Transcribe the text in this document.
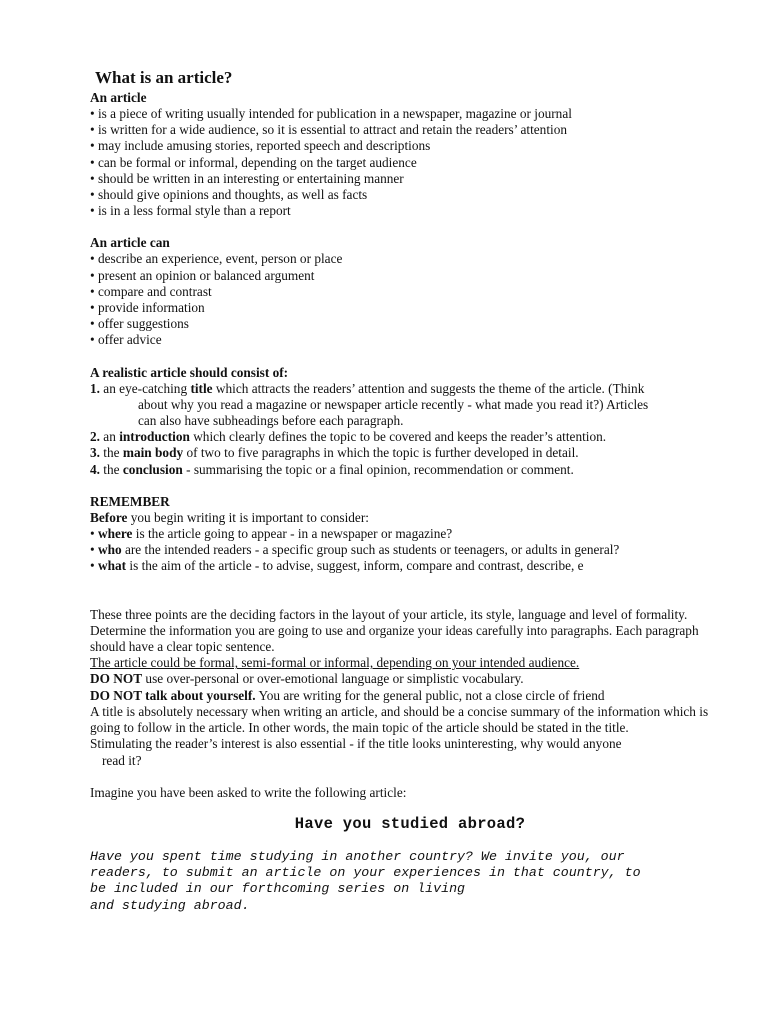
What is an article?
An article
• is a piece of writing usually intended for publication in a newspaper, magazine or journal
• is written for a wide audience, so it is essential to attract and retain the readers’ attention
• may include amusing stories, reported speech and descriptions
• can be formal or informal, depending on the target audience
• should be written in an interesting or entertaining manner
• should give opinions and thoughts, as well as facts
• is in a less formal style than a report
An article can
• describe an experience, event, person or place
• present an opinion or balanced argument
• compare and contrast
• provide information
• offer suggestions
• offer advice
A realistic article should consist of:
1. an eye-catching title which attracts the readers’ attention and suggests the theme of the article. (Think
about why you read a magazine or newspaper article recently - what made you read it?) Articles
can also have subheadings before each paragraph.
2. an introduction which clearly defines the topic to be covered and keeps the reader’s attention.
3. the main body of two to five paragraphs in which the topic is further developed in detail.
4. the conclusion - summarising the topic or a final opinion, recommendation or comment.
REMEMBER
Before you begin writing it is important to consider:
• where is the article going to appear - in a newspaper or magazine?
• who are the intended readers - a specific group such as students or teenagers, or adults in general?
• what is the aim of the article - to advise, suggest, inform, compare and contrast, describe, e
These three points are the deciding factors in the layout of your article, its style, language and level of formality.
Determine the information you are going to use and organize your ideas carefully into paragraphs. Each paragraph should have a clear topic sentence.
The article could be formal, semi-formal or informal, depending on your intended audience.
DO NOT use over-personal or over-emotional language or simplistic vocabulary.
DO NOT talk about yourself. You are writing for the general public, not a close circle of friend
A title is absolutely necessary when writing an article, and should be a concise summary of the information which is going to follow in the article. In other words, the main topic of the article should be stated in the title.
Stimulating the reader’s interest is also essential - if the title looks uninteresting, why would anyone
read it?
Imagine you have been asked to write the following article:
Have you studied abroad?
Have you spent time studying in another country? We invite you, our
readers, to submit an article on your experiences in that country, to
be included in our forthcoming series on living
and studying abroad.
